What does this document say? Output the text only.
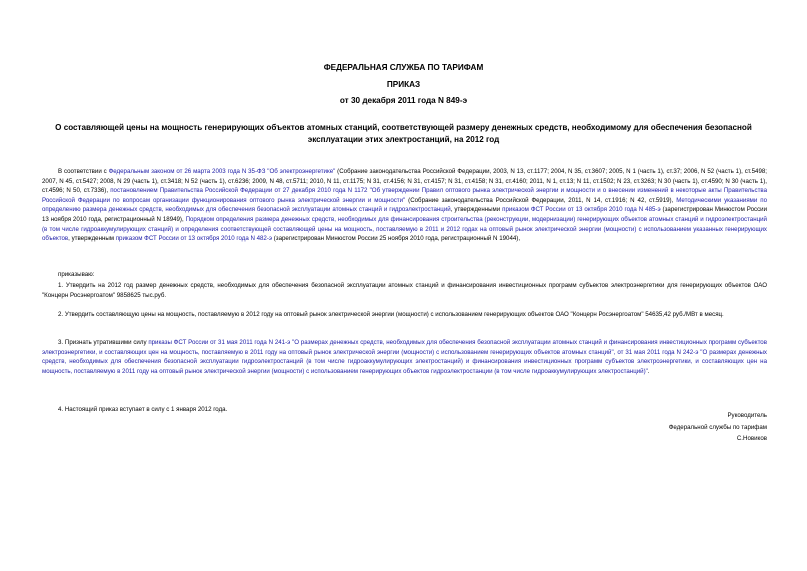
ФЕДЕРАЛЬНАЯ СЛУЖБА ПО ТАРИФАМ
ПРИКАЗ
от 30 декабря 2011 года N 849-э
О составляющей цены на мощность генерирующих объектов атомных станций, соответствующей размеру денежных средств, необходимому для обеспечения безопасной эксплуатации этих электростанций, на 2012 год

В соответствии с Федеральным законом от 26 марта 2003 года N 35-ФЗ "Об электроэнергетике" (Собрание законодательства Российской Федерации, 2003, N 13, ст.1177; 2004, N 35, ст.3607; 2005, N 1 (часть 1), ст.37; 2006, N 52 (часть 1), ст.5498; 2007, N 45, ст.5427; 2008, N 29 (часть 1), ст.3418; N 52 (часть 1), ст.6236; 2009, N 48, ст.5711; 2010, N 11, ст.1175; N 31, ст.4156; N 31, ст.4157; N 31, ст.4158; N 31, ст.4160; 2011, N 1, ст.13; N 11, ст.1502; N 23, ст.3263; N 30 (часть 1), ст.4590; N 30 (часть 1), ст.4596; N 50, ст.7336), постановлением Правительства Российской Федерации от 27 декабря 2010 года N 1172 "Об утверждении Правил оптового рынка электрической энергии и мощности и о внесении изменений в некоторые акты Правительства Российской Федерации по вопросам организации функционирования оптового рынка электрической энергии и мощности" (Собрание законодательства Российской Федерации, 2011, N 14, ст.1916; N 42, ст.5919), Методическими указаниями по определению размера денежных средств, необходимых для обеспечения безопасной эксплуатации атомных станций и гидроэлектростанций, утвержденными приказом ФСТ России от 13 октября 2010 года N 485-э (зарегистрирован Минюстом России 13 ноября 2010 года, регистрационный N 18949), Порядком определения размера денежных средств, необходимых для финансирования строительства (реконструкции, модернизации) генерирующих объектов атомных станций и гидроэлектростанций (в том числе гидроаккумулирующих станций) и определения соответствующей составляющей цены на мощность, поставляемую в 2011 и 2012 годах на оптовый рынок электрической энергии (мощности) с использованием указанных генерирующих объектов, утвержденным приказом ФСТ России от 13 октября 2010 года N 482-э (зарегистрирован Минюстом России 25 ноября 2010 года, регистрационный N 19044),

приказываю:

1. Утвердить на 2012 год размер денежных средств, необходимых для обеспечения безопасной эксплуатации атомных станций и финансирования инвестиционных программ субъектов электроэнергетики для генерирующих объектов ОАО "Концерн Росэнергоатом" 9858625 тыс.руб.

2. Утвердить составляющую цены на мощность, поставляемую в 2012 году на оптовый рынок электрической энергии (мощности) с использованием генерирующих объектов ОАО "Концерн Росэнергоатом" 54635,42 руб./МВт в месяц.

3. Признать утратившими силу приказы ФСТ России от 31 мая 2011 года N 241-э "О размерах денежных средств, необходимых для обеспечения безопасной эксплуатации атомных станций и финансирования инвестиционных программ субъектов электроэнергетики, и составляющих цен на мощность, поставляемую в 2011 году на оптовый рынок электрической энергии (мощности) с использованием генерирующих объектов атомных станций", от 31 мая 2011 года N 242-э "О размерах денежных средств, необходимых для обеспечения безопасной эксплуатации гидроэлектростанций (в том числе гидроаккумулирующих электростанций) и финансирования инвестиционных программ субъектов электроэнергетики, и составляющих цен на мощность, поставляемую в 2011 году на оптовый рынок электрической энергии (мощности) с использованием генерирующих объектов гидроэлектростанции (в том числе гидроаккумулирующих электростанций)".

4. Настоящий приказ вступает в силу с 1 января 2012 года.

Руководитель
Федеральной службы по тарифам
С.Новиков
